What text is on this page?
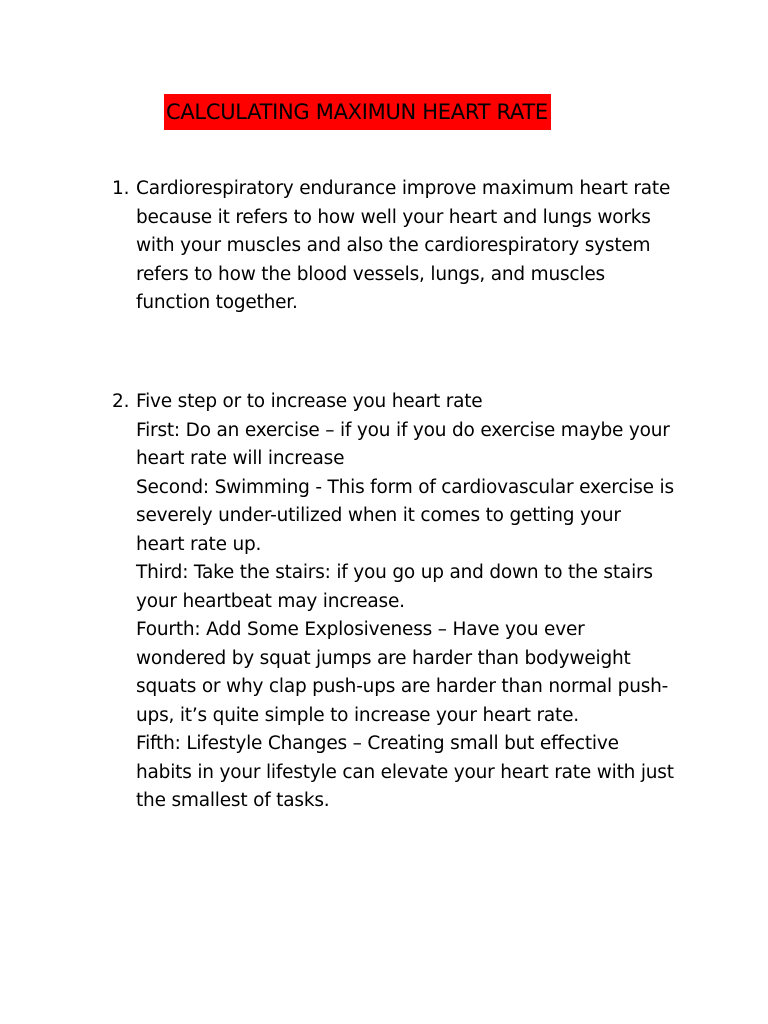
CALCULATING MAXIMUN HEART RATE
1. Cardiorespiratory endurance improve maximum heart rate
because it refers to how well your heart and lungs works
with your muscles and also the cardiorespiratory system
refers to how the blood vessels, lungs, and muscles
function together.
2. Five step or to increase you heart rate
First: Do an exercise – if you if you do exercise maybe your
heart rate will increase
Second: Swimming - This form of cardiovascular exercise is
severely under-utilized when it comes to getting your
heart rate up.
Third: Take the stairs: if you go up and down to the stairs
your heartbeat may increase.
Fourth: Add Some Explosiveness – Have you ever
wondered by squat jumps are harder than bodyweight
squats or why clap push-ups are harder than normal push-
ups, it’s quite simple to increase your heart rate.
Fifth: Lifestyle Changes – Creating small but effective
habits in your lifestyle can elevate your heart rate with just
the smallest of tasks.
